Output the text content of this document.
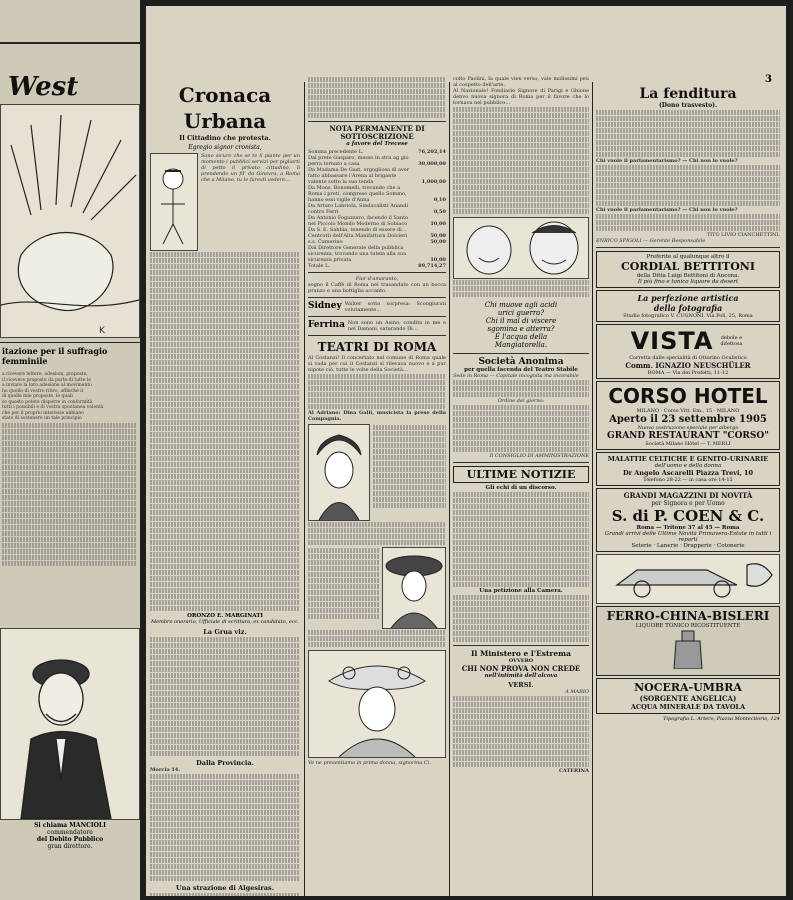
West
K
itazione per il suffragio femminile
a ricevere lettere, adesioni, proposte,
il ricevere proposte da parte di tutte le
a inviare la loro adesione al movimento
ho quello di vostro ritiro, affinché il
di quelle mie proposte, le quali
se questo potete disporre in conformità
tutti i possibili e di vostra spontanea volontà
che per il proprio interesse abbiano
stato di sostenere un tale principio
Si chiama MANCIOLI
commendatore
del Debito Pubblico
gran direttore.
3
Cronaca Urbana
Il Cittadino che protesta.
Egregio signor cronista,
Sono sicuro che se te li piante per un momento i pubblici servizi per pigliarti di petto il privato cittadino, lì prendendo un fil' da Ginevra, a Roma che a Milano, tu le faresti vedere…
ORONZO E. MARGINATI
Membro onorario, Ufficiale di scrittura, ex candidato, ecc.
La Grua viz.
Dalla Provincia.
Morcia 14.
Una strazione di Algesiras.
NOTA PERMANENTE DI SOTTOSCRIZIONE
a favore del Trecese
Somma precedente L.	76,202,14
Dal prete Gasparo, messo in stra ag gio
perra tornato a casa	30,000,00
Da Madama De Gast, orgogliosa di aver
fatto abbassare l'Arena al brigante
valente sotto la sua tenda	1,000,00
Da Mons. Bonomelli, trovando che a
Roma i preti, compreso quello Sommo,
hanno essi vigile d'Anna	0,10
Da Arturo Labriola, Sindacalisti Anandi
contro Ferri	0,50
Da Antonio Fogazzaro, facendo il Santo
nel Piccolo Mondo Moderno di Sobiaco	10,00
Da S. E. Sabbia, tenendo di essere di…
Centrotti dell'Alta Manifattura Dolcieri	50,00
s.s. Camerino	50,00
Dal Direttore Generale della pubblica
sicurezza, trovando una tutela alla sua
sicurezza privata	10,00
Totale L.	89,714,27
Fior d'amaranto,
sogno il Caffè di Roma nel trasandato con un bocca pranzo e una bottiglia accanto.
Sidney Walter sotto sorpresa: Scongiurati volutamente…
Ferrina Non sono un Asino; condita in me e nel Damani, saturando Di…
TEATRI DI ROMA
Al Costanzi! Il concertato nel comune di Roma quale si vada per cui il Costanzi si rilevava nuovo e a pur nipote ciò, tutte le volte della Società…
Al Adriano: Dina Galli, musicista la prese della Compagnia.
Ve ne presentiamo in prima donna, signorina Ci.
colto Paolini, la quale vien verso, vale molissimi peù al cospetto dell'arte.
Al Nazionale! Fondiarie Signore di Parigi e Ghione denvo nuova signora di Roma per il favore che lo tornava nel pubblico…
Chi muove agli acidi
urici guerra?
Chi il mal di viscere
sgomina e atterra?
È l'acqua della
Mangiatorella.
Società Anonima
per quella facenda del Teatro Stabile
Sede in Roma — Capitale incognita ma incorabile
Ordine del giorno:
Il CONSIGLIO DI AMMINISTRAZIONE
ULTIME NOTIZIE
Gli echi di un discorso.
Una petizione alla Camera.
Il Ministero e l'Estrema
OVVERO
CHI NON PROVA NON CREDE
nell'intimità dell'alcova
VERSI.
A MARIO
CATERINA
La fenditura
(Dono trasvesto).
Chi vuole il parlamentarismo? — Chi non lo vuole?
Chi vuole il parlamentarismo? — Chi non lo vuole?
TITO LIVIO CIANCHETTINI.
ENRICO SPIGOLI — Gerente Responsabile
Preferite al qualunque altro il
CORDIAL BETTITONI
della Ditta Luigi Bettitoni di Ancona.
Il più fino e tonico liquore da desert
La perfezione artistica
della fotografia
Studio fotografico V. CUGNONI, Via Poli, 25, Roma
VISTA	debole e difettosa
Corretta dalle specialità di Ottorino Oculistico
Comm. IGNAZIO NEUSCHÜLER
ROMA — Via dei Prefetti, 11-12
CORSO HOTEL
MILANO · Corso Vitt. Em., 15 · MILANO
Aperto il 23 settembre 1905
Nuova costruzione speciale per albergo
GRAND RESTAURANT "CORSO"
Società Milano Hôtel — T. MERLI
MALATTIE CELTICHE E GENITO-URINARIE
dell'uomo e della donna
Dr Angelo Ascarelli Piazza Trevi, 10
Telefono 28-22 — in casa ore 14-15
GRANDI MAGAZZINI DI NOVITÀ
per Signora e per Uomo
S. di P. COEN & C.
Roma — Tritone 37 al 45 — Roma
Grandi arrivi delle Ultime Novità Primavera-Estate in tutti i reparti
Seterie · Lanerie · Drapperie · Cotonerie
FERRO-CHINA-BISLERI
LIQUORE TONICO RICOSTITUENTE
NOCERA-UMBRA
(SORGENTE ANGELICA)
ACQUA MINERALE DA TAVOLA
Tipografia L. Artero, Piazza Montecitorio, 124
